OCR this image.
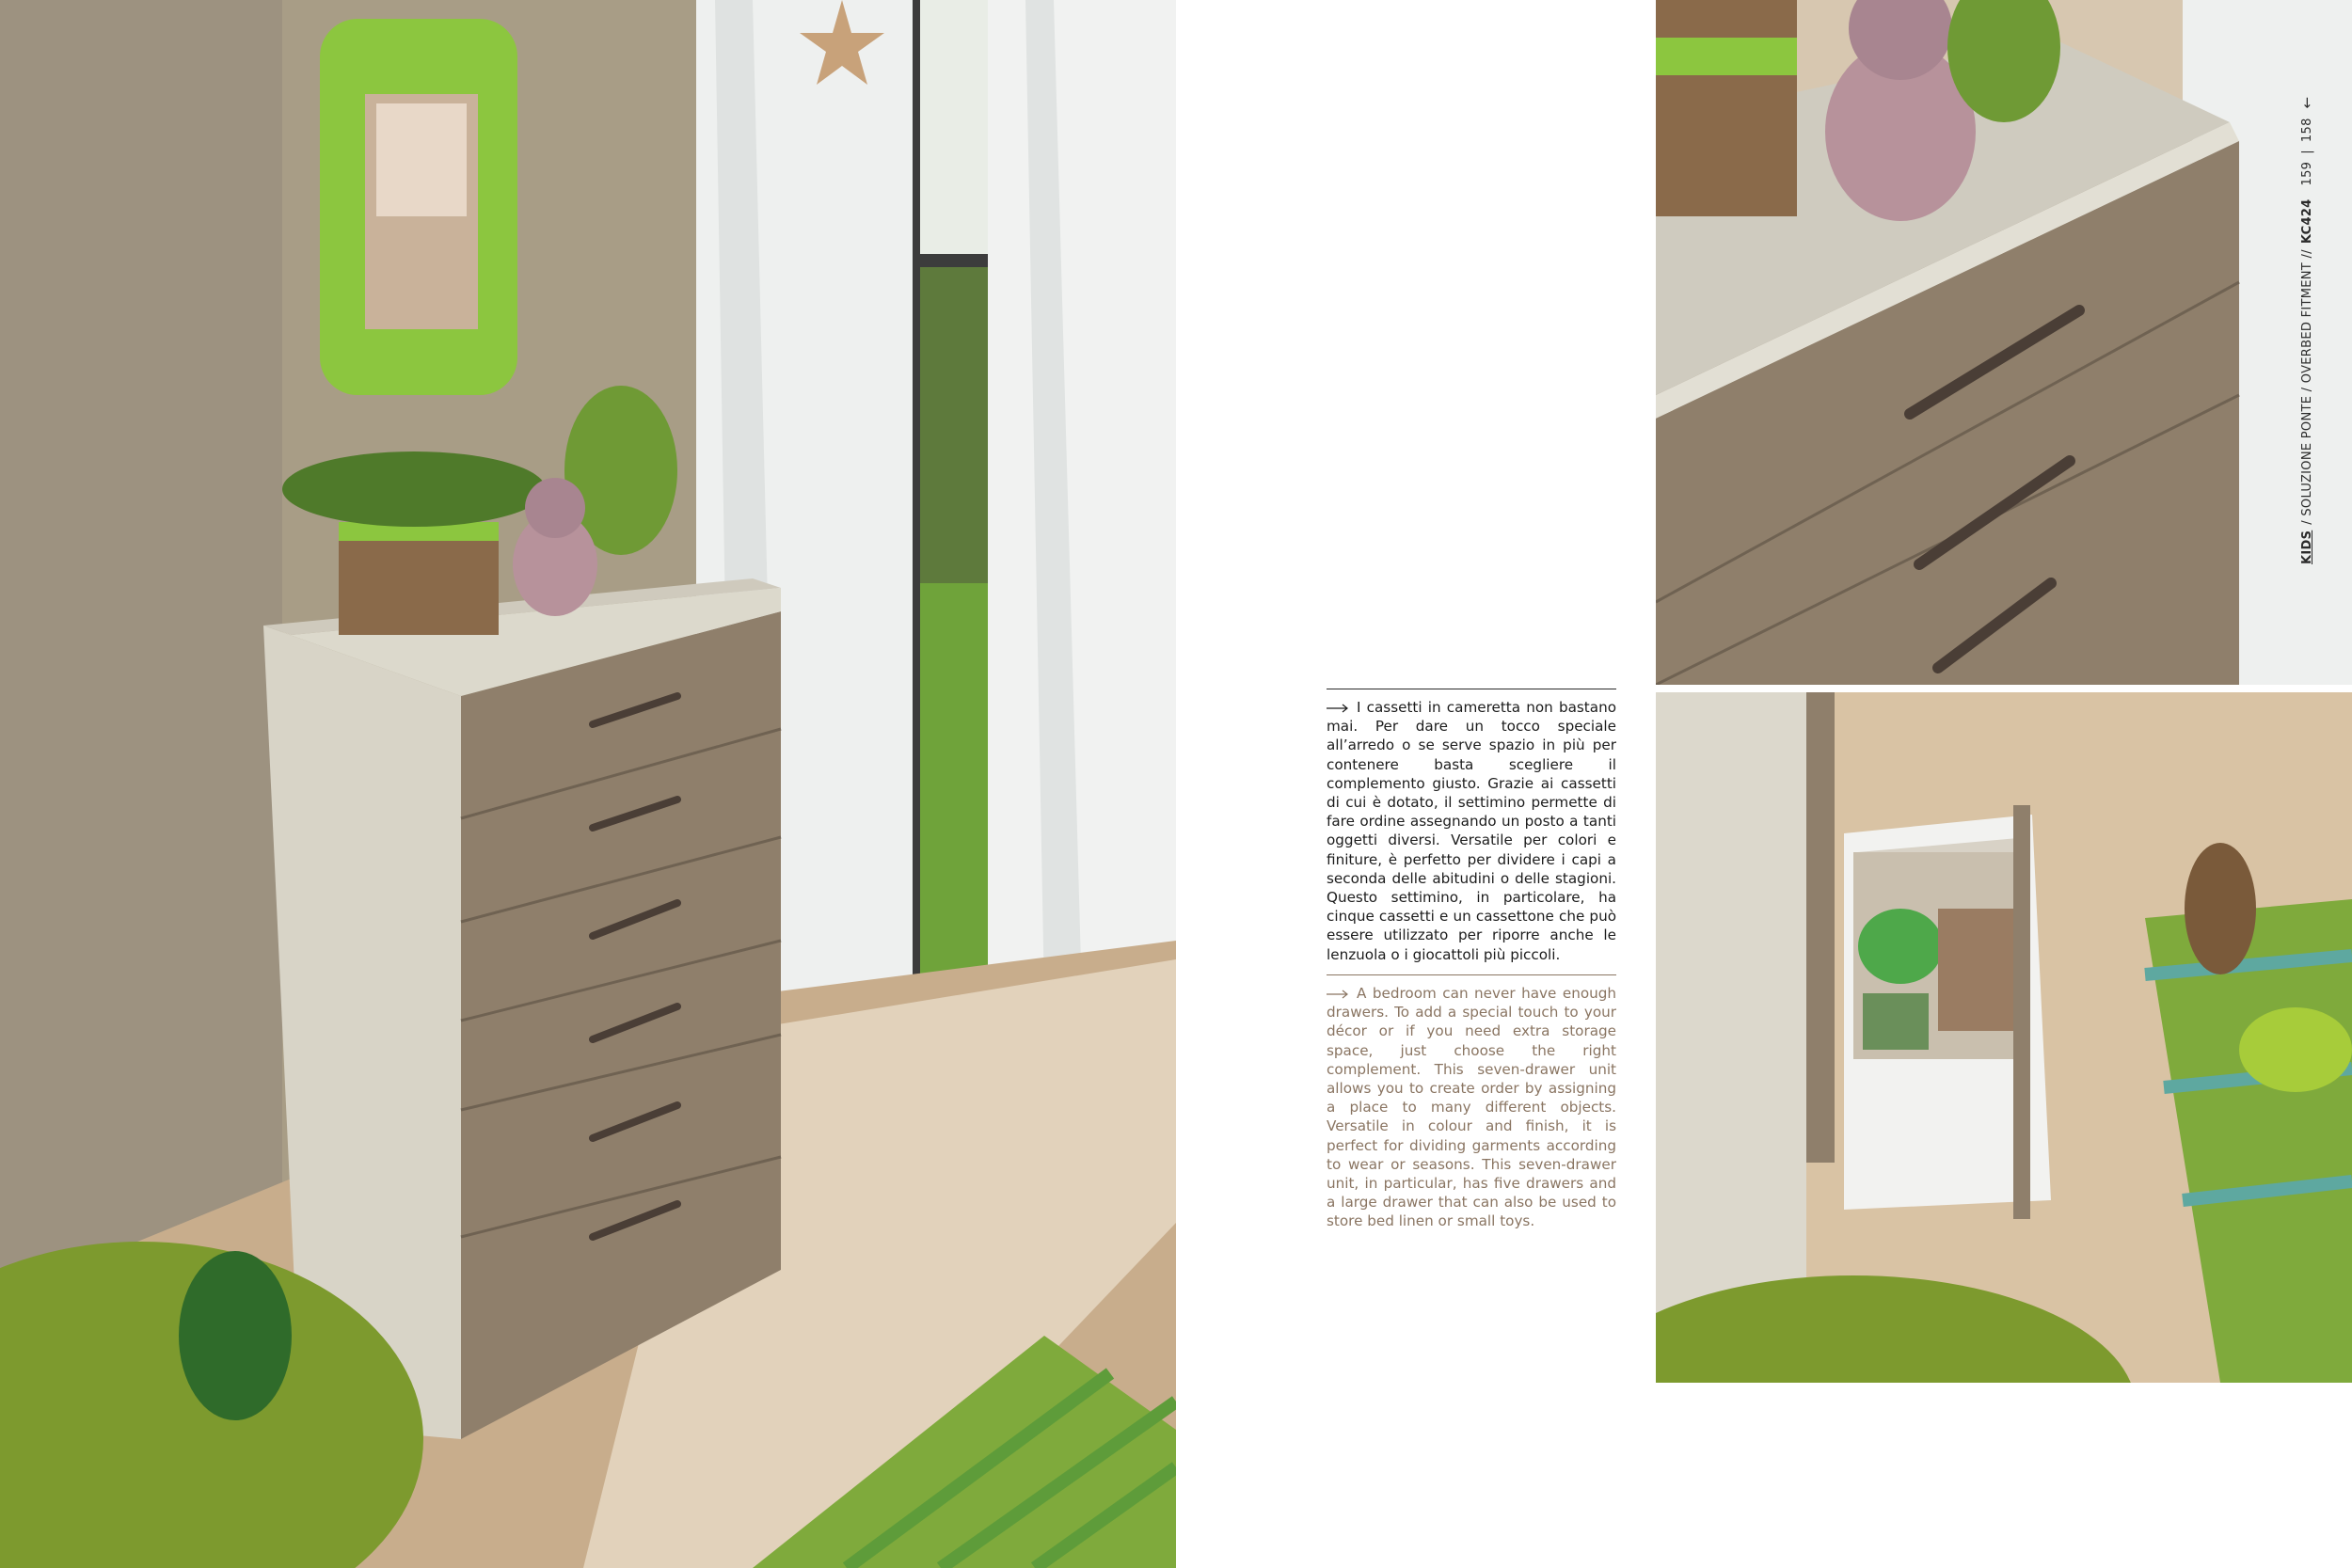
I cassetti in cameretta non bastano mai. Per dare un tocco speciale all’arredo o se serve spazio in più per contenere basta scegliere il complemento giusto. Grazie ai cassetti di cui è dotato, il settimino permette di fare ordine assegnando un posto a tanti oggetti diversi. Versatile per colori e finiture, è perfetto per dividere i capi a seconda delle abitudini o delle stagioni. Questo settimino, in particolare, ha cinque cassetti e un cassettone che può essere utilizzato per riporre anche le lenzuola o i giocattoli più piccoli.
A bedroom can never have enough drawers. To add a special touch to your décor or if you need extra storage space, just choose the right complement. This seven-drawer unit allows you to create order by assigning a place to many different objects. Versatile in colour and finish, it is perfect for dividing garments according to wear or seasons. This seven-drawer unit, in particular, has five drawers and a large drawer that can also be used to store bed linen or small toys.
KIDS
/ SOLUZIONE PONTE / OVERBED FITMENT //
KC424
159
|
158
←
